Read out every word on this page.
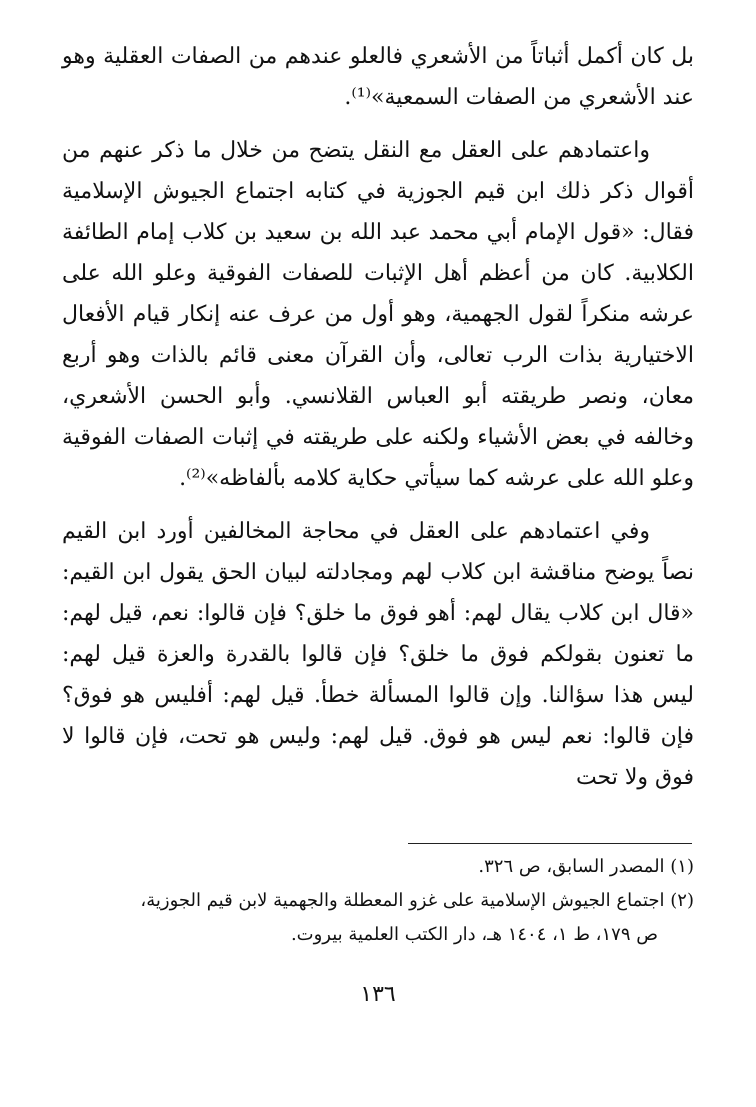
بل كان أكمل أثباتاً من الأشعري فالعلو عندهم من الصفات العقلية وهو عند الأشعري من الصفات السمعية»⁽¹⁾.

واعتمادهم على العقل مع النقل يتضح من خلال ما ذكر عنهم من أقوال ذكر ذلك ابن قيم الجوزية في كتابه اجتماع الجيوش الإسلامية فقال: «قول الإمام أبي محمد عبد الله بن سعيد بن كلاب إمام الطائفة الكلابية. كان من أعظم أهل الإثبات للصفات الفوقية وعلو الله على عرشه منكراً لقول الجهمية، وهو أول من عرف عنه إنكار قيام الأفعال الاختيارية بذات الرب تعالى، وأن القرآن معنى قائم بالذات وهو أربع معان، ونصر طريقته أبو العباس القلانسي. وأبو الحسن الأشعري، وخالفه في بعض الأشياء ولكنه على طريقته في إثبات الصفات الفوقية وعلو الله على عرشه كما سيأتي حكاية كلامه بألفاظه»⁽²⁾.

وفي اعتمادهم على العقل في محاجة المخالفين أورد ابن القيم نصاً يوضح مناقشة ابن كلاب لهم ومجادلته لبيان الحق يقول ابن القيم: «قال ابن كلاب يقال لهم: أهو فوق ما خلق؟ فإن قالوا: نعم، قيل لهم: ما تعنون بقولكم فوق ما خلق؟ فإن قالوا بالقدرة والعزة قيل لهم: ليس هذا سؤالنا. وإن قالوا المسألة خطأ. قيل لهم: أفليس هو فوق؟ فإن قالوا: نعم ليس هو فوق. قيل لهم: وليس هو تحت، فإن قالوا لا فوق ولا تحت

(١) المصدر السابق، ص ٣٢٦.

(٢) اجتماع الجيوش الإسلامية على غزو المعطلة والجهمية لابن قيم الجوزية،

ص ١٧٩، ط ١، ١٤٠٤ هـ، دار الكتب العلمية بيروت.

١٣٦
